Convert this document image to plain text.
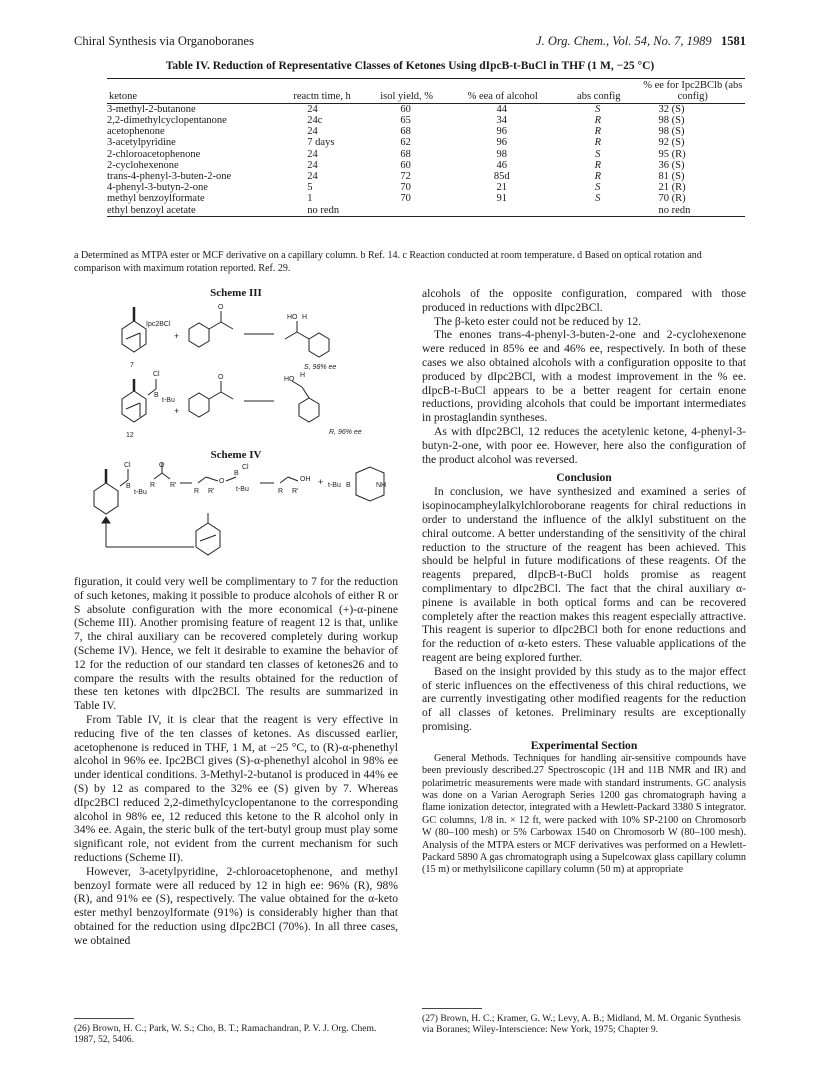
Chiral Synthesis via Organoboranes	J. Org. Chem., Vol. 54, No. 7, 1989 1581
Table IV. Reduction of Representative Classes of Ketones Using dIpcB-t-BuCl in THF (1 M, −25 °C)
ketone	reactn time, h	isol yield, %	% eea of alcohol	abs config	% ee for Ipc2BClb (abs config)
3-methyl-2-butanone	24	60	44	S	32 (S)
2,2-dimethylcyclopentanone	24c	65	34	R	98 (S)
acetophenone	24	68	96	R	98 (S)
3-acetylpyridine	7 days	62	96	R	92 (S)
2-chloroacetophenone	24	68	98	S	95 (R)
2-cyclohexenone	24	60	46	R	36 (S)
trans-4-phenyl-3-buten-2-one	24	72	85d	R	81 (S)
4-phenyl-3-butyn-2-one	5	70	21	S	21 (R)
methyl benzoylformate	1	70	91	S	70 (R)
ethyl benzoyl acetate	no redn				no redn
a Determined as MTPA ester or MCF derivative on a capillary column. b Ref. 14. c Reaction conducted at room temperature. d Based on optical rotation and comparison with maximum rotation reported. Ref. 29.
Scheme III
Ipc2BCl
7
+
O
HO H
S, 98% ee
Cl
B
t-Bu
12
+
O	HO
H
R, 96% ee
Scheme IV
Cl
B
t-Bu
O
R R'
O
B
Cl
t-Bu
R R'
OH
R R'
+ t-Bu B	NH

figuration, it could very well be complimentary to 7 for the reduction of such ketones, making it possible to produce alcohols of either R or S absolute configuration with the more economical (+)-α-pinene (Scheme III). Another promising feature of reagent 12 is that, unlike 7, the chiral auxiliary can be recovered completely during workup (Scheme IV). Hence, we felt it desirable to examine the behavior of 12 for the reduction of our standard ten classes of ketones26 and to compare the results with the results obtained for the reduction of these ten ketones with dIpc2BCl. The results are summarized in Table IV.

From Table IV, it is clear that the reagent is very effective in reducing five of the ten classes of ketones. As discussed earlier, acetophenone is reduced in THF, 1 M, at −25 °C, to (R)-α-phenethyl alcohol in 96% ee. Ipc2BCl gives (S)-α-phenethyl alcohol in 98% ee under identical conditions. 3-Methyl-2-butanol is produced in 44% ee (S) by 12 as compared to the 32% ee (S) given by 7. Whereas dIpc2BCl reduced 2,2-dimethylcyclopentanone to the corresponding alcohol in 98% ee, 12 reduced this ketone to the R alcohol only in 34% ee. Again, the steric bulk of the tert-butyl group must play some significant role, not evident from the current mechanism for such reductions (Scheme II).

However, 3-acetylpyridine, 2-chloroacetophenone, and methyl benzoyl formate were all reduced by 12 in high ee: 96% (R), 98% (R), and 91% ee (S), respectively. The value obtained for the α-keto ester methyl benzoylformate (91%) is considerably higher than that obtained for the reduction using dIpc2BCl (70%). In all three cases, we obtained

(26) Brown, H. C.; Park, W. S.; Cho, B. T.; Ramachandran, P. V. J. Org. Chem. 1987, 52, 5406.

alcohols of the opposite configuration, compared with those produced in reductions with dIpc2BCl.

The β-keto ester could not be reduced by 12.

The enones trans-4-phenyl-3-buten-2-one and 2-cyclohexenone were reduced in 85% ee and 46% ee, respectively. In both of these cases we also obtained alcohols with a configuration opposite to that produced by dIpc2BCl, with a modest improvement in the % ee. dIpcB-t-BuCl appears to be a better reagent for certain enone reductions, providing alcohols that could be important intermediates in prostaglandin syntheses.

As with dIpc2BCl, 12 reduces the acetylenic ketone, 4-phenyl-3-butyn-2-one, with poor ee. However, here also the configuration of the product alcohol was reversed.

Conclusion

In conclusion, we have synthesized and examined a series of isopinocampheylalkylchloroborane reagents for chiral reductions in order to understand the influence of the alklyl substituent on the chiral outcome. A better understanding of the sensitivity of the chiral reduction to the structure of the reagent has been achieved. This should be helpful in future modifications of these reagents. Of the reagents prepared, dIpcB-t-BuCl holds promise as reagent complimentary to dIpc2BCl. The fact that the chiral auxiliary α-pinene is available in both optical forms and can be recovered completely after the reaction makes this reagent especially attractive. This reagent is superior to dIpc2BCl both for enone reductions and for the reduction of α-keto esters. These valuable applications of the reagent are being explored further.

Based on the insight provided by this study as to the major effect of steric influences on the effectiveness of this chiral reductions, we are currently investigating other modified reagents for the reduction of all classes of ketones. Preliminary results are exceptionally promising.

Experimental Section

General Methods. Techniques for handling air-sensitive compounds have been previously described.27 Spectroscopic (1H and 11B NMR and IR) and polarimetric measurements were made with standard instruments. GC analysis was done on a Varian Aerograph Series 1200 gas chromatograph having a flame ionization detector, integrated with a Hewlett-Packard 3380 S integrator. GC columns, 1/8 in. × 12 ft, were packed with 10% SP-2100 on Chromosorb W (80–100 mesh) or 5% Carbowax 1540 on Chromosorb W (80–100 mesh). Analysis of the MTPA esters or MCF derivatives was performed on a Hewlett-Packard 5890 A gas chromatograph using a Supelcowax glass capillary column (15 m) or methylsilicone capillary column (50 m) at appropriate

(27) Brown, H. C.; Kramer, G. W.; Levy, A. B.; Midland, M. M. Organic Synthesis via Boranes; Wiley-Interscience: New York, 1975; Chapter 9.
